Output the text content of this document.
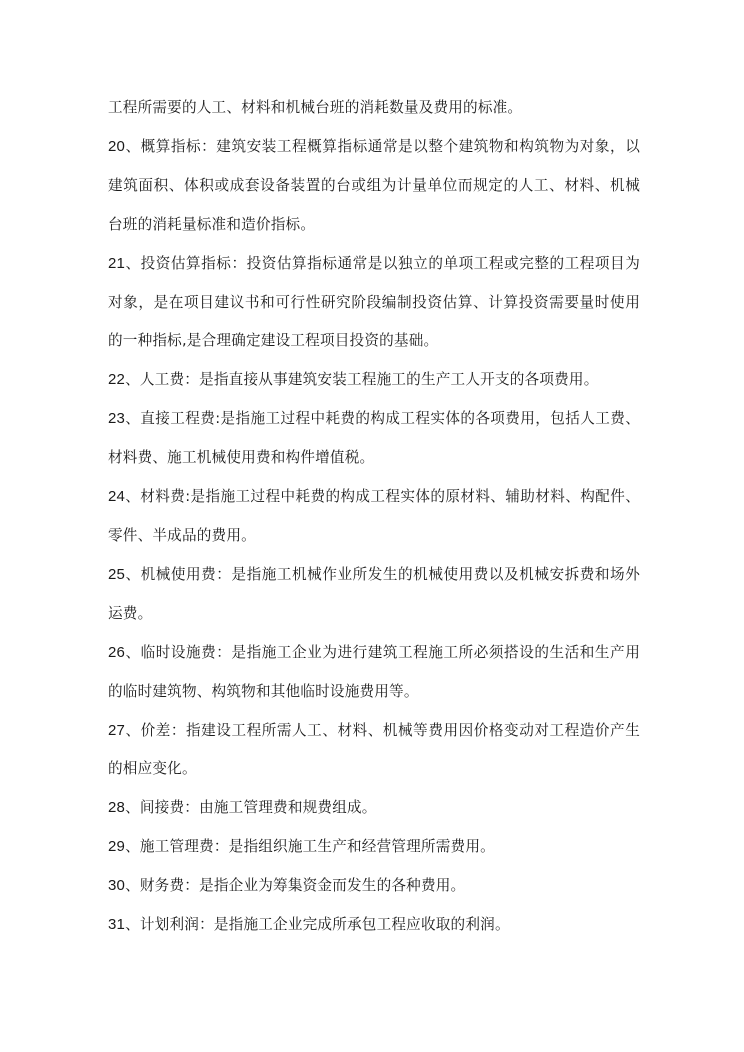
工程所需要的人工、材料和机械台班的消耗数量及费用的标准。

20、概算指标：建筑安装工程概算指标通常是以整个建筑物和构筑物为对象，以建筑面积、体积或成套设备装置的台或组为计量单位而规定的人工、材料、机械台班的消耗量标准和造价指标。

21、投资估算指标：投资估算指标通常是以独立的单项工程或完整的工程项目为对象，是在项目建议书和可行性研究阶段编制投资估算、计算投资需要量时使用的一种指标,是合理确定建设工程项目投资的基础。

22、人工费：是指直接从事建筑安装工程施工的生产工人开支的各项费用。

23、直接工程费:是指施工过程中耗费的构成工程实体的各项费用，包括人工费、材料费、施工机械使用费和构件增值税。

24、材料费:是指施工过程中耗费的构成工程实体的原材料、辅助材料、构配件、零件、半成品的费用。

25、机械使用费：是指施工机械作业所发生的机械使用费以及机械安拆费和场外运费。

26、临时设施费：是指施工企业为进行建筑工程施工所必须搭设的生活和生产用的临时建筑物、构筑物和其他临时设施费用等。

27、价差：指建设工程所需人工、材料、机械等费用因价格变动对工程造价产生的相应变化。

28、间接费：由施工管理费和规费组成。

29、施工管理费：是指组织施工生产和经营管理所需费用。

30、财务费：是指企业为筹集资金而发生的各种费用。

31、计划利润：是指施工企业完成所承包工程应收取的利润。
